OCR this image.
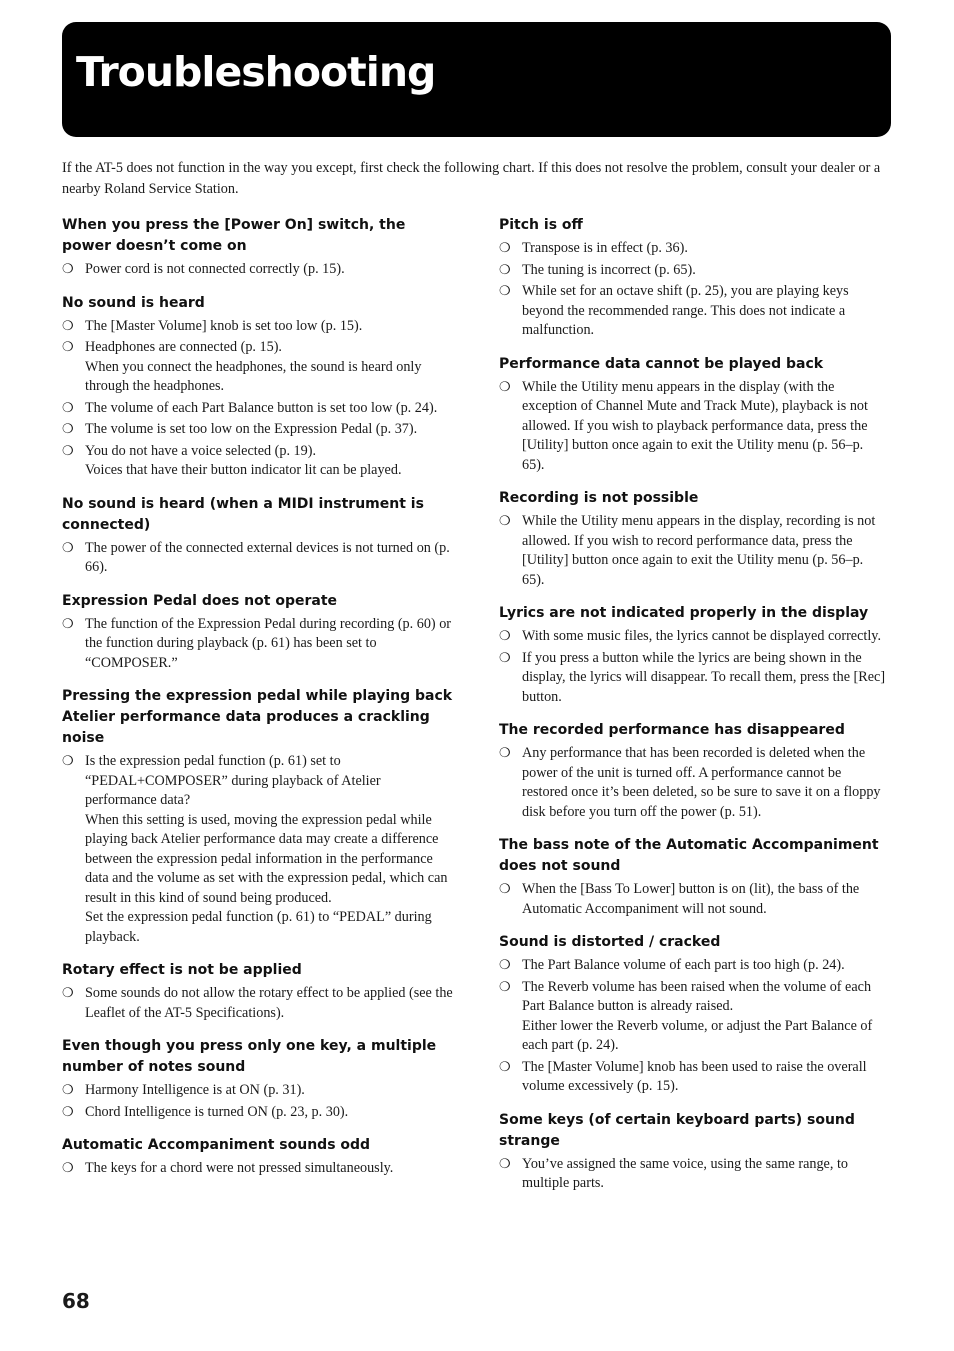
Troubleshooting

If the AT-5 does not function in the way you except, first check the following chart. If this does not resolve the problem, consult your dealer or a nearby Roland Service Station.

When you press the [Power On] switch, the power doesn’t come on
❍ Power cord is not connected correctly (p. 15).
No sound is heard
❍ The [Master Volume] knob is set too low (p. 15).
❍ Headphones are connected (p. 15).
When you connect the headphones, the sound is heard only through the headphones.
❍ The volume of each Part Balance button is set too low (p. 24).
❍ The volume is set too low on the Expression Pedal (p. 37).
❍ You do not have a voice selected (p. 19).
Voices that have their button indicator lit can be played.
No sound is heard (when a MIDI instrument is connected)
❍ The power of the connected external devices is not turned on (p. 66).
Expression Pedal does not operate
❍ The function of the Expression Pedal during recording (p. 60) or the function during playback (p. 61) has been set to “COMPOSER.”
Pressing the expression pedal while playing back Atelier performance data produces a crackling noise
❍ Is the expression pedal function (p. 61) set to “PEDAL+COMPOSER” during playback of Atelier performance data?
When this setting is used, moving the expression pedal while playing back Atelier performance data may create a difference between the expression pedal information in the performance data and the volume as set with the expression pedal, which can result in this kind of sound being produced.
Set the expression pedal function (p. 61) to “PEDAL” during playback.
Rotary effect is not be applied
❍ Some sounds do not allow the rotary effect to be applied (see the Leaflet of the AT-5 Specifications).
Even though you press only one key, a multiple number of notes sound
❍ Harmony Intelligence is at ON (p. 31).
❍ Chord Intelligence is turned ON (p. 23, p. 30).
Automatic Accompaniment sounds odd
❍ The keys for a chord were not pressed simultaneously.
Pitch is off
❍ Transpose is in effect (p. 36).
❍ The tuning is incorrect (p. 65).
❍ While set for an octave shift (p. 25), you are playing keys beyond the recommended range. This does not indicate a malfunction.
Performance data cannot be played back
❍ While the Utility menu appears in the display (with the exception of Channel Mute and Track Mute), playback is not allowed. If you wish to playback performance data, press the [Utility] button once again to exit the Utility menu (p. 56–p. 65).
Recording is not possible
❍ While the Utility menu appears in the display, recording is not allowed. If you wish to record performance data, press the [Utility] button once again to exit the Utility menu (p. 56–p. 65).
Lyrics are not indicated properly in the display
❍ With some music files, the lyrics cannot be displayed correctly.
❍ If you press a button while the lyrics are being shown in the display, the lyrics will disappear. To recall them, press the [Rec] button.
The recorded performance has disappeared
❍ Any performance that has been recorded is deleted when the power of the unit is turned off. A performance cannot be restored once it’s been deleted, so be sure to save it on a floppy disk before you turn off the power (p. 51).
The bass note of the Automatic Accompaniment does not sound
❍ When the [Bass To Lower] button is on (lit), the bass of the Automatic Accompaniment will not sound.
Sound is distorted / cracked
❍ The Part Balance volume of each part is too high (p. 24).
❍ The Reverb volume has been raised when the volume of each Part Balance button is already raised.
Either lower the Reverb volume, or adjust the Part Balance of each part (p. 24).
❍ The [Master Volume] knob has been used to raise the overall volume excessively (p. 15).
Some keys (of certain keyboard parts) sound strange
❍ You’ve assigned the same voice, using the same range, to multiple parts.
68
